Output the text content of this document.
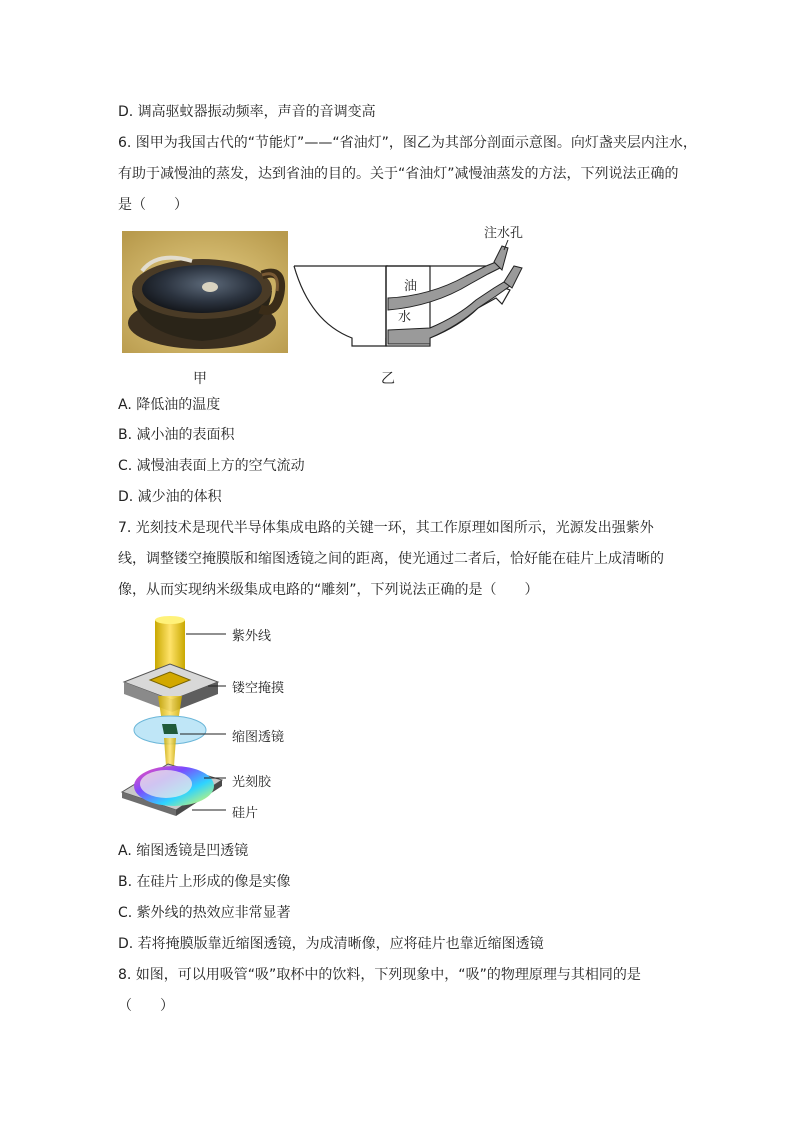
D. 调高驱蚊器振动频率，声音的音调变高
6. 图甲为我国古代的“节能灯”——“省油灯”，图乙为其部分剖面示意图。向灯盏夹层内注水，
有助于减慢油的蒸发，达到省油的目的。关于“省油灯”减慢油蒸发的方法，下列说法正确的
是（　　）
甲
注水孔
油
水
乙
A. 降低油的温度
B. 减小油的表面积
C. 减慢油表面上方的空气流动
D. 减少油的体积
7. 光刻技术是现代半导体集成电路的关键一环，其工作原理如图所示，光源发出强紫外
线，调整镂空掩膜版和缩图透镜之间的距离，使光通过二者后，恰好能在硅片上成清晰的
像，从而实现纳米级集成电路的“雕刻”，下列说法正确的是（　　）
紫外线
镂空掩摸
缩图透镜
光刻胶
硅片
A. 缩图透镜是凹透镜
B. 在硅片上形成的像是实像
C. 紫外线的热效应非常显著
D. 若将掩膜版靠近缩图透镜，为成清晰像，应将硅片也靠近缩图透镜
8. 如图，可以用吸管“吸”取杯中的饮料，下列现象中，“吸”的物理原理与其相同的是
（　　）
